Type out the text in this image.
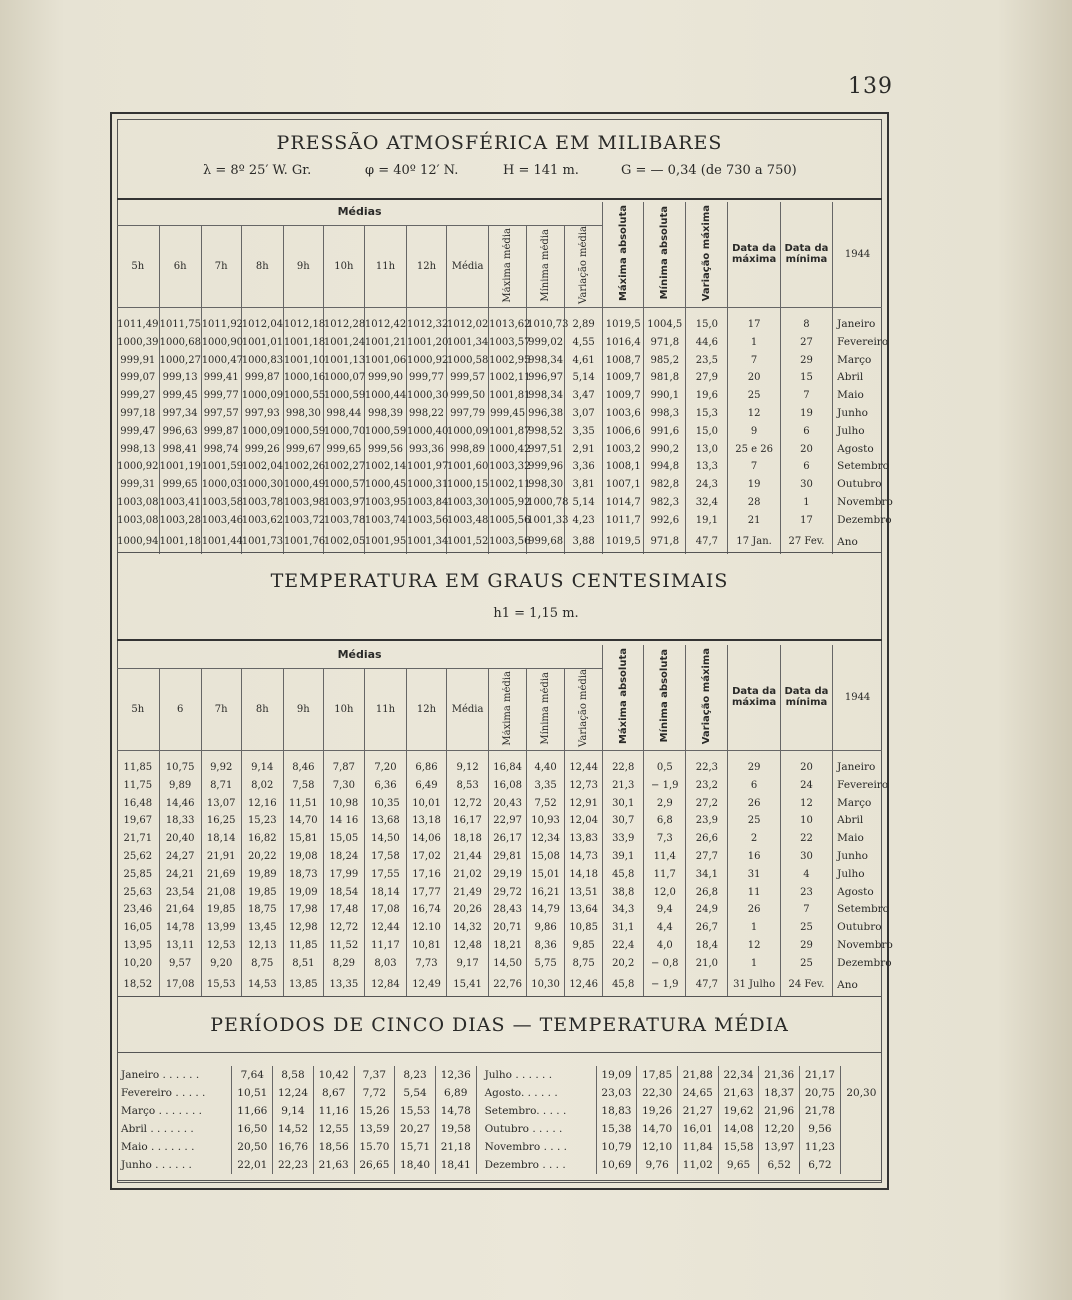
139
PRESSÃO ATMOSFÉRICA EM MILIBARES
λ = 8º 25′ W. Gr.	φ = 40º 12′ N.	H = 141 m.	G = — 0,34 (de 730 a 750)
Médias												Máxima absoluta	Mínima absoluta	Variação máxima	Data da máxima	Data da mínima	1944
5h	6h	7h	8h	9h	10h	11h	12h	Média	Máxima média	Mínima média	Variação média						

1011,49	1011,75	1011,92	1012,04	1012,18	1012,28	1012,42	1012,32	1012,02	1013,62	1010,73	2,89	1019,5	1004,5	15,0	17	8	Janeiro
1000,39	1000,68	1000,90	1001,01	1001,18	1001,24	1001,21	1001,20	1001,34	1003,57	999,02	4,55	1016,4	971,8	44,6	1	27	Fevereiro
999,91	1000,27	1000,47	1000,83	1001,10	1001,13	1001,06	1000,92	1000,58	1002,95	998,34	4,61	1008,7	985,2	23,5	7	29	Março
999,07	999,13	999,41	999,87	1000,16	1000,07	999,90	999,77	999,57	1002,11	996,97	5,14	1009,7	981,8	27,9	20	15	Abril
999,27	999,45	999,77	1000,09	1000,55	1000,59	1000,44	1000,30	999,50	1001,81	998,34	3,47	1009,7	990,1	19,6	25	7	Maio
997,18	997,34	997,57	997,93	998,30	998,44	998,39	998,22	997,79	999,45	996,38	3,07	1003,6	998,3	15,3	12	19	Junho
999,47	996,63	999,87	1000,09	1000,59	1000,70	1000,59	1000,40	1000,09	1001,87	998,52	3,35	1006,6	991,6	15,0	9	6	Julho
998,13	998,41	998,74	999,26	999,67	999,65	999,56	993,36	998,89	1000,42	997,51	2,91	1003,2	990,2	13,0	25 e 26	20	Agosto
1000,92	1001,19	1001,59	1002,04	1002,26	1002,27	1002,14	1001,97	1001,60	1003,32	999,96	3,36	1008,1	994,8	13,3	7	6	Setembro
999,31	999,65	1000,03	1000,30	1000,49	1000,57	1000,45	1000,31	1000,15	1002,11	998,30	3,81	1007,1	982,8	24,3	19	30	Outubro
1003,08	1003,41	1003,58	1003,78	1003,98	1003,97	1003,95	1003,84	1003,30	1005,92	1000,78	5,14	1014,7	982,3	32,4	28	1	Novembro
1003,08	1003,28	1003,46	1003,62	1003,72	1003,78	1003,74	1003,56	1003,48	1005,56	1001,33	4,23	1011,7	992,6	19,1	21	17	Dezembro
1000,94	1001,18	1001,44	1001,73	1001,76	1002,05	1001,95	1001,34	1001,52	1003,56	999,68	3,88	1019,5	971,8	47,7	17 Jan.	27 Fev.	Ano
TEMPERATURA EM GRAUS CENTESIMAIS
h1 = 1,15 m.
Médias												Máxima absoluta	Mínima absoluta	Variação máxima	Data da máxima	Data da mínima	1944
5h	6	7h	8h	9h	10h	11h	12h	Média	Máxima média	Mínima média	Variação média						

11,85	10,75	9,92	9,14	8,46	7,87	7,20	6,86	9,12	16,84	4,40	12,44	22,8	0,5	22,3	29	20	Janeiro
11,75	9,89	8,71	8,02	7,58	7,30	6,36	6,49	8,53	16,08	3,35	12,73	21,3	− 1,9	23,2	6	24	Fevereiro
16,48	14,46	13,07	12,16	11,51	10,98	10,35	10,01	12,72	20,43	7,52	12,91	30,1	2,9	27,2	26	12	Março
19,67	18,33	16,25	15,23	14,70	14 16	13,68	13,18	16,17	22,97	10,93	12,04	30,7	6,8	23,9	25	10	Abril
21,71	20,40	18,14	16,82	15,81	15,05	14,50	14,06	18,18	26,17	12,34	13,83	33,9	7,3	26,6	2	22	Maio
25,62	24,27	21,91	20,22	19,08	18,24	17,58	17,02	21,44	29,81	15,08	14,73	39,1	11,4	27,7	16	30	Junho
25,85	24,21	21,69	19,89	18,73	17,99	17,55	17,16	21,02	29,19	15,01	14,18	45,8	11,7	34,1	31	4	Julho
25,63	23,54	21,08	19,85	19,09	18,54	18,14	17,77	21,49	29,72	16,21	13,51	38,8	12,0	26,8	11	23	Agosto
23,46	21,64	19,85	18,75	17,98	17,48	17,08	16,74	20,26	28,43	14,79	13,64	34,3	9,4	24,9	26	7	Setembro
16,05	14,78	13,99	13,45	12,98	12,72	12,44	12.10	14,32	20,71	9,86	10,85	31,1	4,4	26,7	1	25	Outubro
13,95	13,11	12,53	12,13	11,85	11,52	11,17	10,81	12,48	18,21	8,36	9,85	22,4	4,0	18,4	12	29	Novembro
10,20	9,57	9,20	8,75	8,51	8,29	8,03	7,73	9,17	14,50	5,75	8,75	20,2	− 0,8	21,0	1	25	Dezembro
18,52	17,08	15,53	14,53	13,85	13,35	12,84	12,49	15,41	22,76	10,30	12,46	45,8	− 1,9	47,7	31 Julho	24 Fev.	Ano
PERÍODOS DE CINCO DIAS — TEMPERATURA MÉDIA
Janeiro . . . . . .	7,64	8,58	10,42	7,37	8,23	12,36	Julho . . . . . .	19,09	17,85	21,88	22,34	21,36	21,17	
Fevereiro . . . . .	10,51	12,24	8,67	7,72	5,54	6,89	Agosto. . . . . .	23,03	22,30	24,65	21,63	18,37	20,75	20,30
Março . . . . . . .	11,66	9,14	11,16	15,26	15,53	14,78	Setembro. . . . .	18,83	19,26	21,27	19,62	21,96	21,78	
Abril . . . . . . .	16,50	14,52	12,55	13,59	20,27	19,58	Outubro . . . . .	15,38	14,70	16,01	14,08	12,20	9,56	
Maio . . . . . . .	20,50	16,76	18,56	15.70	15,71	21,18	Novembro . . . .	10,79	12,10	11,84	15,58	13,97	11,23	
Junho . . . . . .	22,01	22,23	21,63	26,65	18,40	18,41	Dezembro . . . .	10,69	9,76	11,02	9,65	6,52	6,72	
